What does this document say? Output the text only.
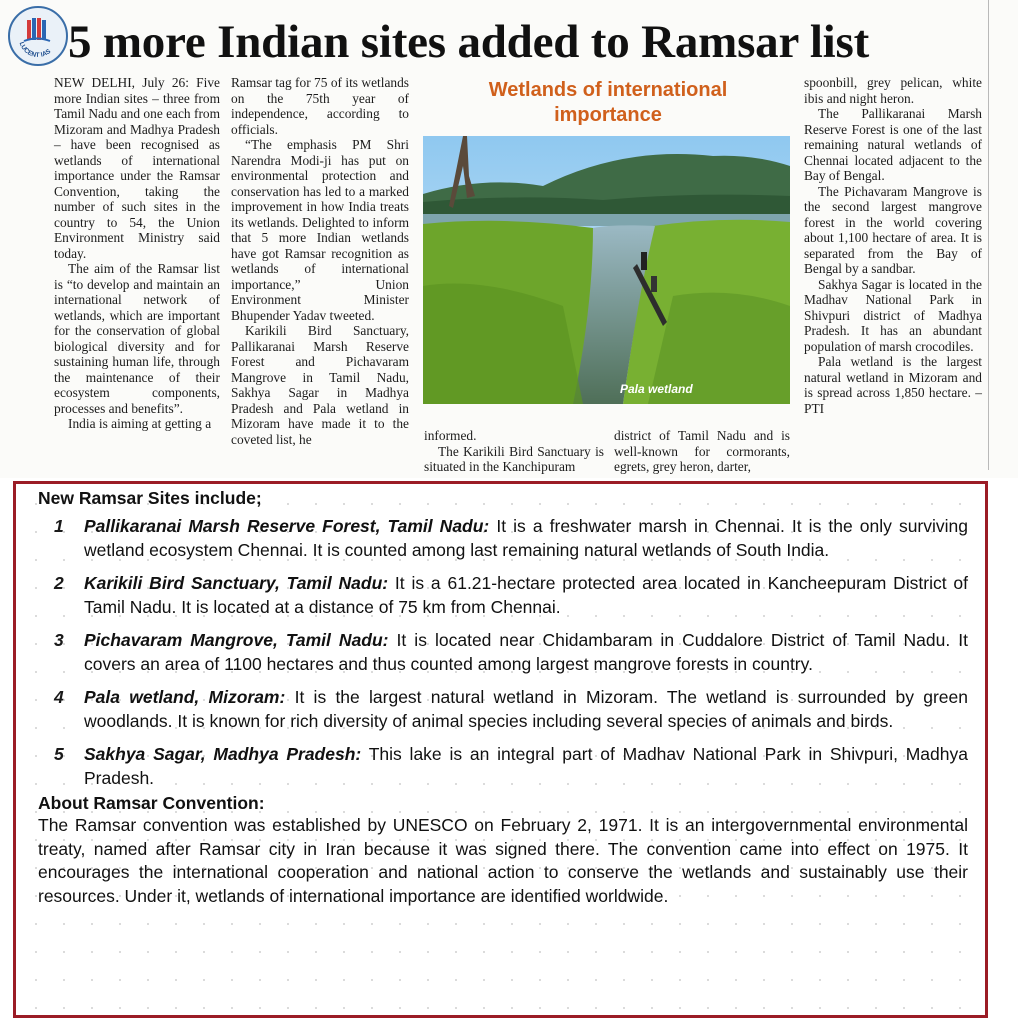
LUCENT IAS 5 more Indian sites added to Ramsar list

NEW DELHI, July 26: Five more Indian sites – three from Tamil Nadu and one each from Mizoram and Madhya Pradesh – have been recognised as wetlands of international importance under the Ramsar Convention, taking the number of such sites in the country to 54, the Union Environment Ministry said today.

The aim of the Ramsar list is “to develop and maintain an international network of wetlands, which are important for the conservation of global biological diversity and for sustaining human life, through the maintenance of their ecosystem components, processes and benefits”.

India is aiming at getting a

Ramsar tag for 75 of its wetlands on the 75th year of independence, according to officials.

“The emphasis PM Shri Narendra Modi-ji has put on environmental protection and conservation has led to a marked improvement in how India treats its wetlands. Delighted to inform that 5 more Indian wetlands have got Ramsar recognition as wetlands of international importance,” Union Environment Minister Bhupender Yadav tweeted.

Karikili Bird Sanctuary, Pallikaranai Marsh Reserve Forest and Pichavaram Mangrove in Tamil Nadu, Sakhya Sagar in Madhya Pradesh and Pala wetland in Mizoram have made it to the coveted list, he

Wetlands of international
importance
Pala wetland

informed.

The Karikili Bird Sanctuary is situated in the Kanchipuram

district of Tamil Nadu and is well-known for cormorants, egrets, grey heron, darter,

spoonbill, grey pelican, white ibis and night heron.

The Pallikaranai Marsh Reserve Forest is one of the last remaining natural wetlands of Chennai located adjacent to the Bay of Bengal.

The Pichavaram Mangrove is the second largest mangrove forest in the world covering about 1,100 hectare of area. It is separated from the Bay of Bengal by a sandbar.

Sakhya Sagar is located in the Madhav National Park in Shivpuri district of Madhya Pradesh. It has an abundant population of marsh crocodiles.

Pala wetland is the largest natural wetland in Mizoram and is spread across 1,850 hectare. – PTI

New Ramsar Sites include;
1	Pallikaranai Marsh Reserve Forest, Tamil Nadu: It is a freshwater marsh in Chennai. It is the only surviving wetland ecosystem Chennai. It is counted among last remaining natural wetlands of South India.
2	Karikili Bird Sanctuary, Tamil Nadu: It is a 61.21-hectare protected area located in Kancheepuram District of Tamil Nadu. It is located at a distance of 75 km from Chennai.
3	Pichavaram Mangrove, Tamil Nadu: It is located near Chidambaram in Cuddalore District of Tamil Nadu. It covers an area of 1100 hectares and thus counted among largest mangrove forests in country.
4	Pala wetland, Mizoram: It is the largest natural wetland in Mizoram. The wetland is surrounded by green woodlands. It is known for rich diversity of animal species including several species of animals and birds.
5	Sakhya Sagar, Madhya Pradesh: This lake is an integral part of Madhav National Park in Shivpuri, Madhya Pradesh.
About Ramsar Convention:
The Ramsar convention was established by UNESCO on February 2, 1971. It is an intergovernmental environmental treaty, named after Ramsar city in Iran because it was signed there. The convention came into effect on 1975. It encourages the international cooperation and national action to conserve the wetlands and sustainably use their resources. Under it, wetlands of international importance are identified worldwide.
